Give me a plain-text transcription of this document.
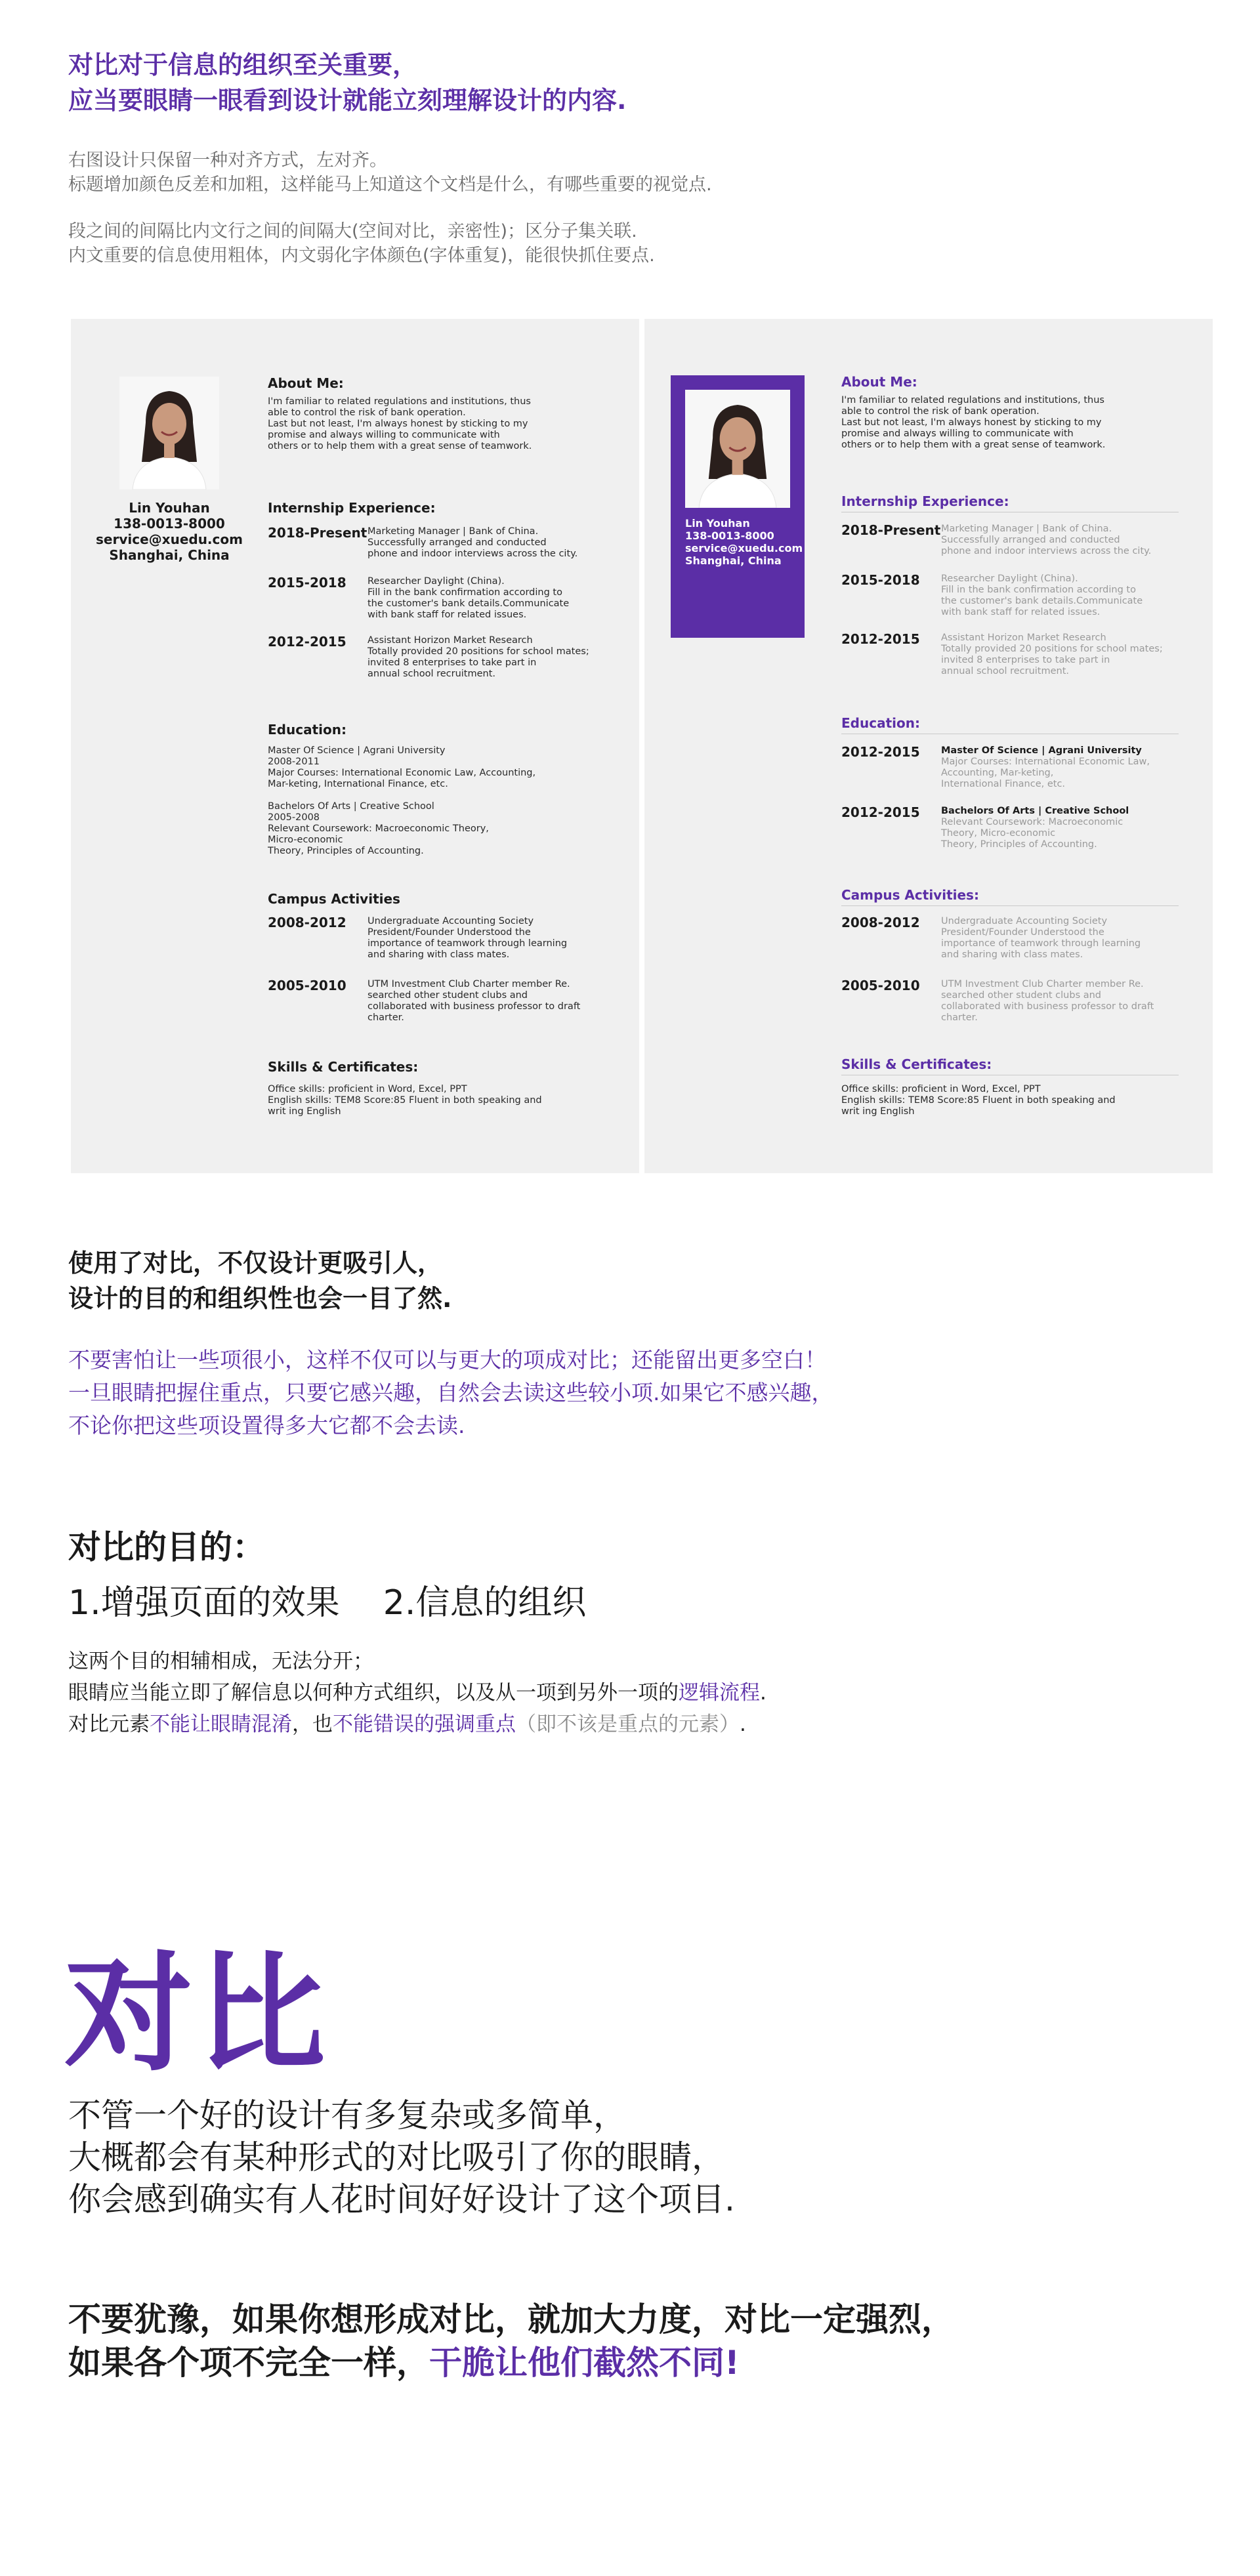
对比对于信息的组织至关重要，
应当要眼睛一眼看到设计就能立刻理解设计的内容.

右图设计只保留一种对齐方式，左对齐。

标题增加颜色反差和加粗，这样能马上知道这个文档是什么，有哪些重要的视觉点.

段之间的间隔比内文行之间的间隔大(空间对比，亲密性)；区分子集关联.

内文重要的信息使用粗体，内文弱化字体颜色(字体重复)，能很快抓住要点.

Lin Youhan
138-0013-8000
service@xuedu.com
Shanghai, China
About Me:

I'm familiar to related regulations and institutions, thus

able to control the risk of bank operation.

Last but not least, I'm always honest by sticking to my

promise and always willing to communicate with

others or to help them with a great sense of teamwork.

Internship Experience:
2018-Present Marketing Manager | Bank of China.
Successfully arranged and conducted
phone and indoor interviews across the city.
2015-2018 Researcher Daylight (China).
Fill in the bank confirmation according to
the customer's bank details.Communicate
with bank staff for related issues.
2012-2015 Assistant Horizon Market Research
Totally provided 20 positions for school mates;
invited 8 enterprises to take part in
annual school recruitment.
Education:

Master Of Science | Agrani University

2008-2011

Major Courses: International Economic Law, Accounting,

Mar-keting, International Finance, etc.

Bachelors Of Arts | Creative School

2005-2008

Relevant Coursework: Macroeconomic Theory,

Micro-economic

Theory, Principles of Accounting.

Campus Activities
2008-2012 Undergraduate Accounting Society
President/Founder Understood the
importance of teamwork through learning
and sharing with class mates.
2005-2010 UTM Investment Club Charter member Re.
searched other student clubs and
collaborated with business professor to draft
charter.
Skills & Certificates:

Office skills: proficient in Word, Excel, PPT

English skills: TEM8 Score:85 Fluent in both speaking and

writ ing English

Lin Youhan
138-0013-8000
service@xuedu.com
Shanghai, China
About Me:

I'm familiar to related regulations and institutions, thus

able to control the risk of bank operation.

Last but not least, I'm always honest by sticking to my

promise and always willing to communicate with

others or to help them with a great sense of teamwork.

Internship Experience:
2018-Present Marketing Manager | Bank of China.
Successfully arranged and conducted
phone and indoor interviews across the city.
2015-2018 Researcher Daylight (China).
Fill in the bank confirmation according to
the customer's bank details.Communicate
with bank staff for related issues.
2012-2015 Assistant Horizon Market Research
Totally provided 20 positions for school mates;
invited 8 enterprises to take part in
annual school recruitment.
Education:
2012-2015 Master Of Science | Agrani University
Major Courses: International Economic Law,
Accounting, Mar-keting,
International Finance, etc.
2012-2015 Bachelors Of Arts | Creative School
Relevant Coursework: Macroeconomic
Theory, Micro-economic
Theory, Principles of Accounting.
Campus Activities:
2008-2012 Undergraduate Accounting Society
President/Founder Understood the
importance of teamwork through learning
and sharing with class mates.
2005-2010 UTM Investment Club Charter member Re.
searched other student clubs and
collaborated with business professor to draft
charter.
Skills & Certificates:

Office skills: proficient in Word, Excel, PPT

English skills: TEM8 Score:85 Fluent in both speaking and

writ ing English

使用了对比，不仅设计更吸引人，

设计的目的和组织性也会一目了然.

不要害怕让一些项很小，这样不仅可以与更大的项成对比；还能留出更多空白！

一旦眼睛把握住重点，只要它感兴趣，自然会去读这些较小项.如果它不感兴趣，

不论你把这些项设置得多大它都不会去读.

对比的目的：
1.增强页面的效果 2.信息的组织

这两个目的相辅相成，无法分开；

眼睛应当能立即了解信息以何种方式组织，以及从一项到另外一项的逻辑流程.

对比元素不能让眼睛混淆，也不能错误的强调重点（即不该是重点的元素）.

对比

不管一个好的设计有多复杂或多简单，

大概都会有某种形式的对比吸引了你的眼睛，

你会感到确实有人花时间好好设计了这个项目.

不要犹豫，如果你想形成对比，就加大力度，对比一定强烈，

如果各个项不完全一样，干脆让他们截然不同!
